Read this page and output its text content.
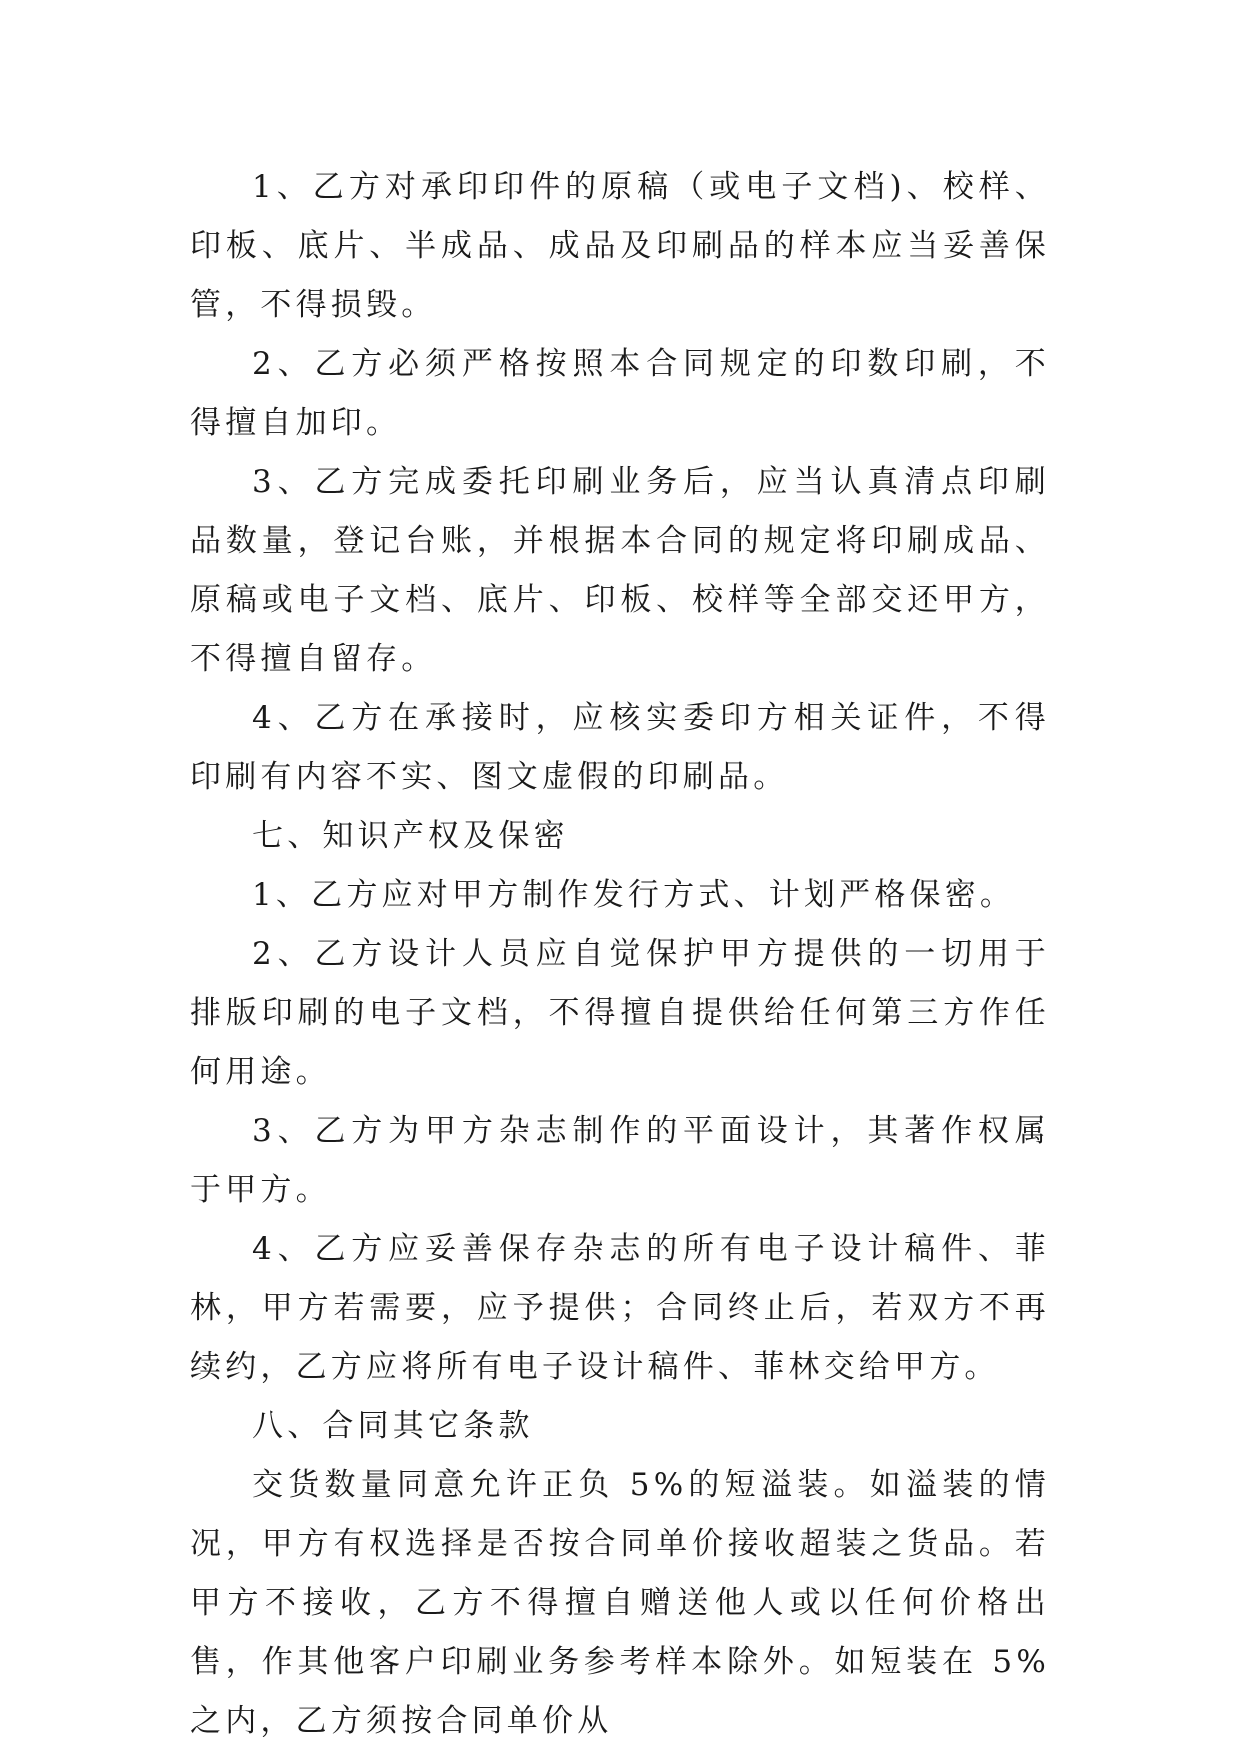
1、乙方对承印印件的原稿（或电子文档)、校样、印板、底片、半成品、成品及印刷品的样本应当妥善保管，不得损毁。

2、乙方必须严格按照本合同规定的印数印刷，不得擅自加印。

3、乙方完成委托印刷业务后，应当认真清点印刷品数量，登记台账，并根据本合同的规定将印刷成品、原稿或电子文档、底片、印板、校样等全部交还甲方，不得擅自留存。

4、乙方在承接时，应核实委印方相关证件，不得印刷有内容不实、图文虚假的印刷品。

七、知识产权及保密

1、乙方应对甲方制作发行方式、计划严格保密。

2、乙方设计人员应自觉保护甲方提供的一切用于排版印刷的电子文档，不得擅自提供给任何第三方作任何用途。

3、乙方为甲方杂志制作的平面设计，其著作权属于甲方。

4、乙方应妥善保存杂志的所有电子设计稿件、菲林，甲方若需要，应予提供；合同终止后，若双方不再续约，乙方应将所有电子设计稿件、菲林交给甲方。

八、合同其它条款

交货数量同意允许正负 5%的短溢装。如溢装的情况，甲方有权选择是否按合同单价接收超装之货品。若甲方不接收，乙方不得擅自赠送他人或以任何价格出售，作其他客户印刷业务参考样本除外。如短装在 5%之内，乙方须按合同单价从
